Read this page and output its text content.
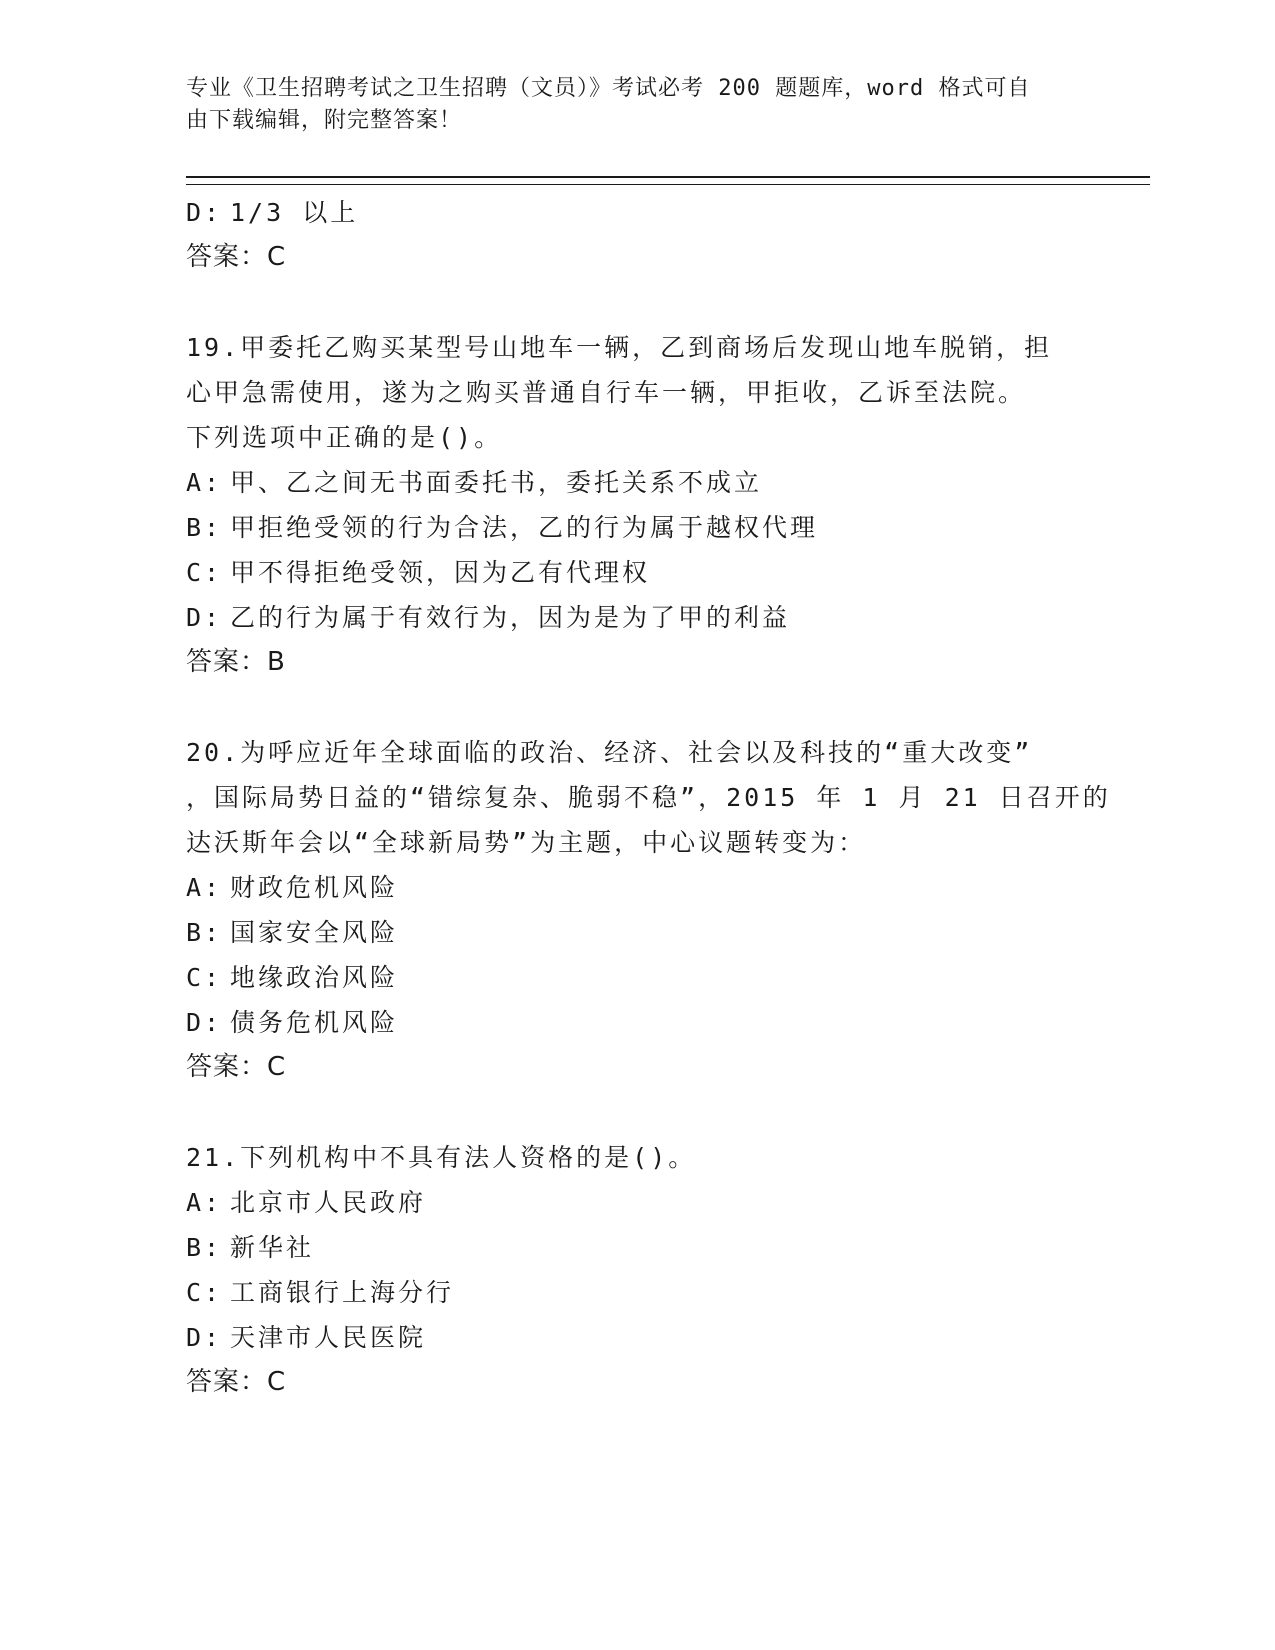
专业《卫生招聘考试之卫生招聘（文员）》考试必考 200 题题库，word 格式可自
由下载编辑，附完整答案！
D: 1/3 以上
答案：C
19.甲委托乙购买某型号山地车一辆，乙到商场后发现山地车脱销，担
心甲急需使用，遂为之购买普通自行车一辆，甲拒收，乙诉至法院。
下列选项中正确的是()。
A: 甲、乙之间无书面委托书，委托关系不成立
B: 甲拒绝受领的行为合法，乙的行为属于越权代理
C: 甲不得拒绝受领，因为乙有代理权
D: 乙的行为属于有效行为，因为是为了甲的利益
答案：B
20.为呼应近年全球面临的政治、经济、社会以及科技的“重大改变”
，国际局势日益的“错综复杂、脆弱不稳”，2015 年 1 月 21 日召开的
达沃斯年会以“全球新局势”为主题，中心议题转变为：
A: 财政危机风险
B: 国家安全风险
C: 地缘政治风险
D: 债务危机风险
答案：C
21.下列机构中不具有法人资格的是()。
A: 北京市人民政府
B: 新华社
C: 工商银行上海分行
D: 天津市人民医院
答案：C
